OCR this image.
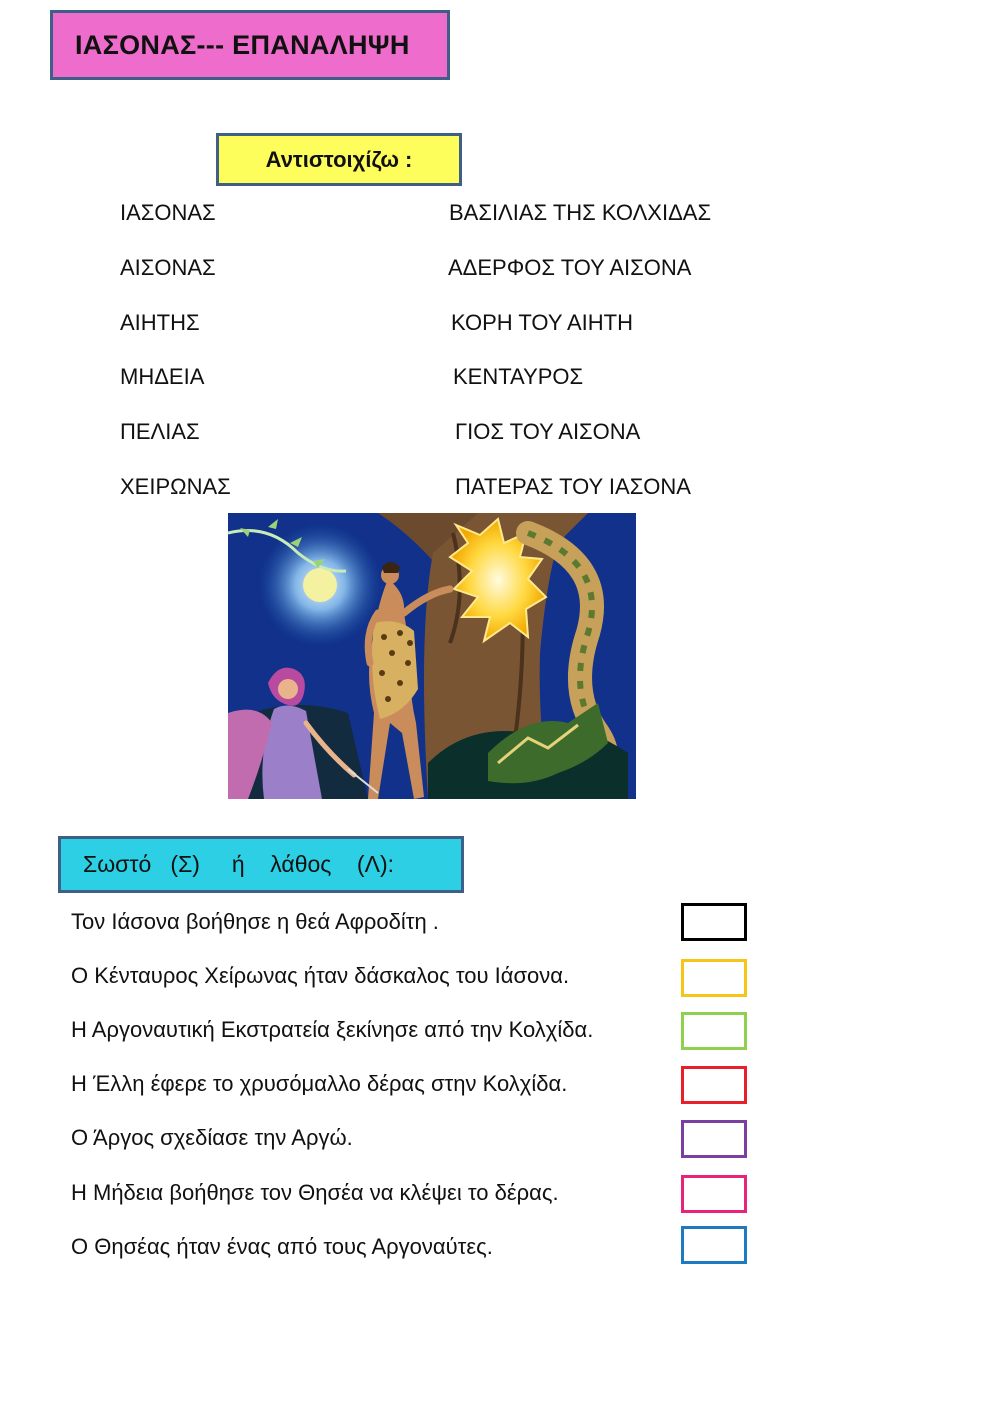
ΙΑΣΟΝΑΣ--- ΕΠΑΝΑΛΗΨΗ
Αντιστοιχίζω :
ΙΑΣΟΝΑΣ
ΑΙΣΟΝΑΣ
ΑΙΗΤΗΣ
ΜΗΔΕΙΑ
ΠΕΛΙΑΣ
ΧΕΙΡΩΝΑΣ
ΒΑΣΙΛΙΑΣ ΤΗΣ ΚΟΛΧΙΔΑΣ
ΑΔΕΡΦΟΣ ΤΟΥ ΑΙΣΟΝΑ
ΚΟΡΗ ΤΟΥ ΑΙΗΤΗ
ΚΕΝΤΑΥΡΟΣ
ΓΙΟΣ ΤΟΥ ΑΙΣΟΝΑ
ΠΑΤΕΡΑΣ ΤΟΥ ΙΑΣΟΝΑ
Σωστό   (Σ)     ή    λάθος    (Λ):
Τον Ιάσονα βοήθησε η θεά Αφροδίτη .
Ο Κένταυρος Χείρωνας ήταν δάσκαλος του Ιάσονα.
Η Αργοναυτική Εκστρατεία ξεκίνησε από την Κολχίδα.
Η Έλλη έφερε το χρυσόμαλλο δέρας στην Κολχίδα.
Ο Άργος σχεδίασε την Αργώ.
Η Μήδεια βοήθησε τον Θησέα να κλέψει το δέρας.
Ο Θησέας ήταν ένας από τους Αργοναύτες.
